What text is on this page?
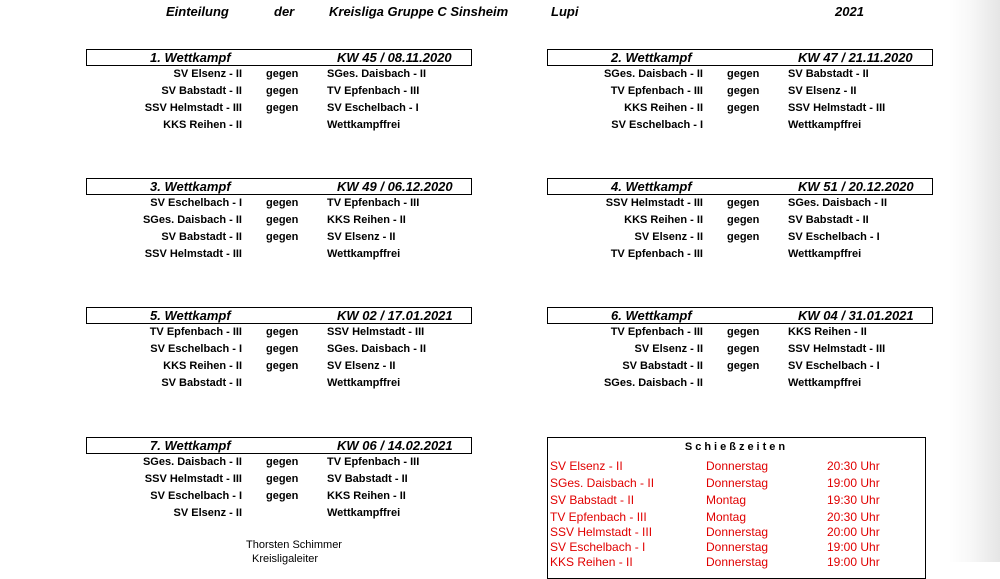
Einteilung	der	Kreisliga Gruppe C Sinsheim	Lupi	2021
1. Wettkampf	KW 45 / 08.11.2020
SV Elsenz - II gegen	SGes. Daisbach - II
SV Babstadt - II gegen	TV Epfenbach - III
SSV Helmstadt - III gegen	SV Eschelbach - I
KKS Reihen - II	Wettkampffrei
2. Wettkampf	KW 47 / 21.11.2020
SGes. Daisbach - II gegen	SV Babstadt - II
TV Epfenbach - III gegen	SV Elsenz - II
KKS Reihen - II gegen	SSV Helmstadt - III
SV Eschelbach - I	Wettkampffrei
3. Wettkampf	KW 49 / 06.12.2020
SV Eschelbach - I gegen	TV Epfenbach - III
SGes. Daisbach - II gegen	KKS Reihen - II
SV Babstadt - II gegen	SV Elsenz - II
SSV Helmstadt - III	Wettkampffrei
4. Wettkampf	KW 51 / 20.12.2020
SSV Helmstadt - III gegen	SGes. Daisbach - II
KKS Reihen - II gegen	SV Babstadt - II
SV Elsenz - II gegen	SV Eschelbach - I
TV Epfenbach - III	Wettkampffrei
5. Wettkampf	KW 02 / 17.01.2021
TV Epfenbach - III gegen	SSV Helmstadt - III
SV Eschelbach - I gegen	SGes. Daisbach - II
KKS Reihen - II gegen	SV Elsenz - II
SV Babstadt - II	Wettkampffrei
6. Wettkampf	KW 04 / 31.01.2021
TV Epfenbach - III gegen	KKS Reihen - II
SV Elsenz - II gegen	SSV Helmstadt - III
SV Babstadt - II gegen	SV Eschelbach - I
SGes. Daisbach - II	Wettkampffrei
7. Wettkampf	KW 06 / 14.02.2021
SGes. Daisbach - II gegen	TV Epfenbach - III
SSV Helmstadt - III gegen	SV Babstadt - II
SV Eschelbach - I gegen	KKS Reihen - II
SV Elsenz - II	Wettkampffrei
Schießzeiten
SV Elsenz - II	Donnerstag	20:30 Uhr
SGes. Daisbach - II	Donnerstag	19:00 Uhr
SV Babstadt - II	Montag	19:30 Uhr
TV Epfenbach - III	Montag	20:30 Uhr
SSV Helmstadt - III	Donnerstag	20:00 Uhr
SV Eschelbach - I	Donnerstag	19:00 Uhr
KKS Reihen - II	Donnerstag	19:00 Uhr
Thorsten Schimmer
Kreisligaleiter
